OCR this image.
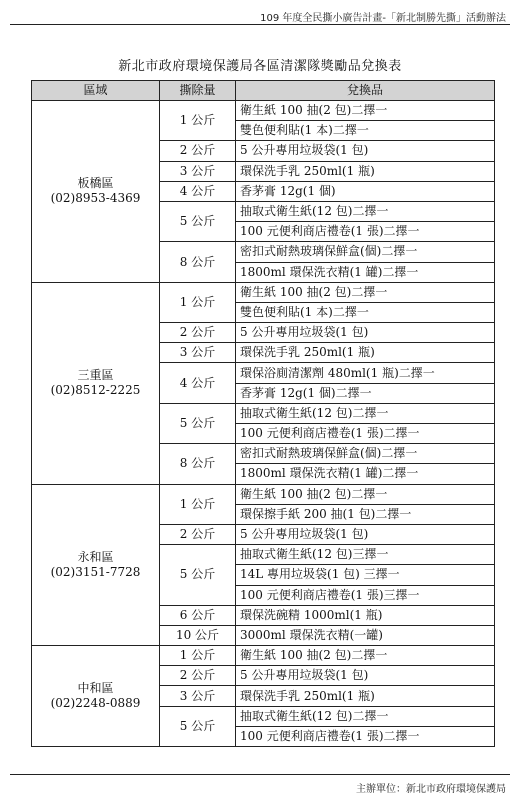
109 年度全民撕小廣告計畫-「新北制勝先撕」活動辦法
新北市政府環境保護局各區清潔隊獎勵品兌換表
區域	撕除量	兌換品

板橋區
(02)8953-4369	1 公斤	衛生紙 100 抽(2 包)二擇一
		雙色便利貼(1 本)二擇一
	2 公斤	5 公升專用垃圾袋(1 包)
	3 公斤	環保洗手乳 250ml(1 瓶)
	4 公斤	香茅膏 12g(1 個)
	5 公斤	抽取式衛生紙(12 包)二擇一
		100 元便利商店禮卷(1 張)二擇一
	8 公斤	密扣式耐熱玻璃保鮮盒(個)二擇一
		1800ml 環保洗衣精(1 罐)二擇一

三重區
(02)8512-2225	1 公斤	衛生紙 100 抽(2 包)二擇一
		雙色便利貼(1 本)二擇一
	2 公斤	5 公升專用垃圾袋(1 包)
	3 公斤	環保洗手乳 250ml(1 瓶)
	4 公斤	環保浴廁清潔劑 480ml(1 瓶)二擇一
		香茅膏 12g(1 個)二擇一
	5 公斤	抽取式衛生紙(12 包)二擇一
		100 元便利商店禮卷(1 張)二擇一
	8 公斤	密扣式耐熱玻璃保鮮盒(個)二擇一
		1800ml 環保洗衣精(1 罐)二擇一

永和區
(02)3151-7728	1 公斤	衛生紙 100 抽(2 包)二擇一
		環保擦手紙 200 抽(1 包)二擇一
	2 公斤	5 公升專用垃圾袋(1 包)
	5 公斤	抽取式衛生紙(12 包)三擇一
		14L 專用垃圾袋(1 包) 三擇一
		100 元便利商店禮卷(1 張)三擇一
	6 公斤	環保洗碗精 1000ml(1 瓶)
	10 公斤	3000ml 環保洗衣精(一罐)

中和區
(02)2248-0889	1 公斤	衛生紙 100 抽(2 包)二擇一
	2 公斤	5 公升專用垃圾袋(1 包)
	3 公斤	環保洗手乳 250ml(1 瓶)
	5 公斤	抽取式衛生紙(12 包)二擇一
		100 元便利商店禮卷(1 張)二擇一
主辦單位：新北市政府環境保護局
